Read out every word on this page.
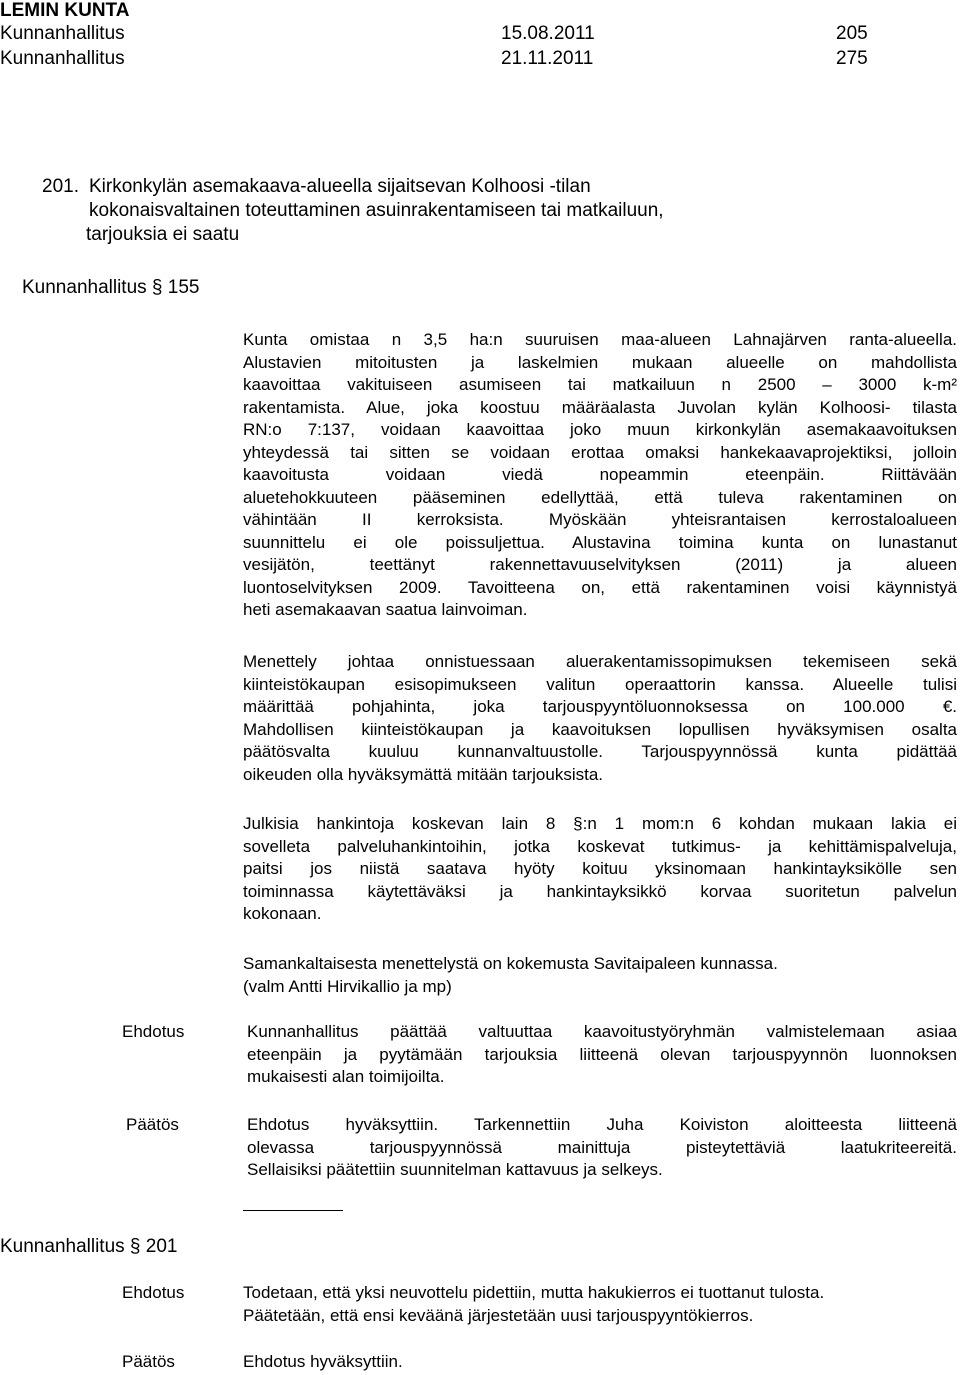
LEMIN KUNTA
Kunnanhallitus	15.08.2011	205
Kunnanhallitus	21.11.2011	275
201. Kirkonkylän asemakaava-alueella sijaitsevan Kolhoosi -tilan
kokonaisvaltainen toteuttaminen asuinrakentamiseen tai matkailuun,
tarjouksia ei saatu
Kunnanhallitus § 155
Kunta omistaa n 3,5 ha:n suuruisen maa-alueen Lahnajärven ranta-alueella.
Alustavien mitoitusten ja laskelmien mukaan alueelle on mahdollista
kaavoittaa vakituiseen asumiseen tai matkailuun n 2500 – 3000 k-m²
rakentamista. Alue, joka koostuu määräalasta Juvolan kylän Kolhoosi- tilasta
RN:o 7:137, voidaan kaavoittaa joko muun kirkonkylän asemakaavoituksen
yhteydessä tai sitten se voidaan erottaa omaksi hankekaavaprojektiksi, jolloin
kaavoitusta voidaan viedä nopeammin eteenpäin. Riittävään
aluetehokkuuteen pääseminen edellyttää, että tuleva rakentaminen on
vähintään II kerroksista. Myöskään yhteisrantaisen kerrostaloalueen
suunnittelu ei ole poissuljettua. Alustavina toimina kunta on lunastanut
vesijätön, teettänyt rakennettavuuselvityksen (2011) ja alueen
luontoselvityksen 2009. Tavoitteena on, että rakentaminen voisi käynnistyä
heti asemakaavan saatua lainvoiman.
Menettely johtaa onnistuessaan aluerakentamissopimuksen tekemiseen sekä
kiinteistökaupan esisopimukseen valitun operaattorin kanssa. Alueelle tulisi
määrittää pohjahinta, joka tarjouspyyntöluonnoksessa on 100.000 €.
Mahdollisen kiinteistökaupan ja kaavoituksen lopullisen hyväksymisen osalta
päätösvalta kuuluu kunnanvaltuustolle. Tarjouspyynnössä kunta pidättää
oikeuden olla hyväksymättä mitään tarjouksista.
Julkisia hankintoja koskevan lain 8 §:n 1 mom:n 6 kohdan mukaan lakia ei
sovelleta palveluhankintoihin, jotka koskevat tutkimus- ja kehittämispalveluja,
paitsi jos niistä saatava hyöty koituu yksinomaan hankintayksikölle sen
toiminnassa käytettäväksi ja hankintayksikkö korvaa suoritetun palvelun
kokonaan.
Samankaltaisesta menettelystä on kokemusta Savitaipaleen kunnassa.
(valm Antti Hirvikallio ja mp)
Ehdotus	Kunnanhallitus päättää valtuuttaa kaavoitustyöryhmän valmistelemaan asiaa
eteenpäin ja pyytämään tarjouksia liitteenä olevan tarjouspyynnön luonnoksen
mukaisesti alan toimijoilta.
Päätös	Ehdotus hyväksyttiin. Tarkennettiin Juha Koiviston aloitteesta liitteenä
olevassa tarjouspyynnössä mainittuja pisteytettäviä laatukriteereitä.
Sellaisiksi päätettiin suunnitelman kattavuus ja selkeys.
Kunnanhallitus § 201
Ehdotus	Todetaan, että yksi neuvottelu pidettiin, mutta hakukierros ei tuottanut tulosta.
Päätetään, että ensi keväänä järjestetään uusi tarjouspyyntökierros.
Päätös	Ehdotus hyväksyttiin.
